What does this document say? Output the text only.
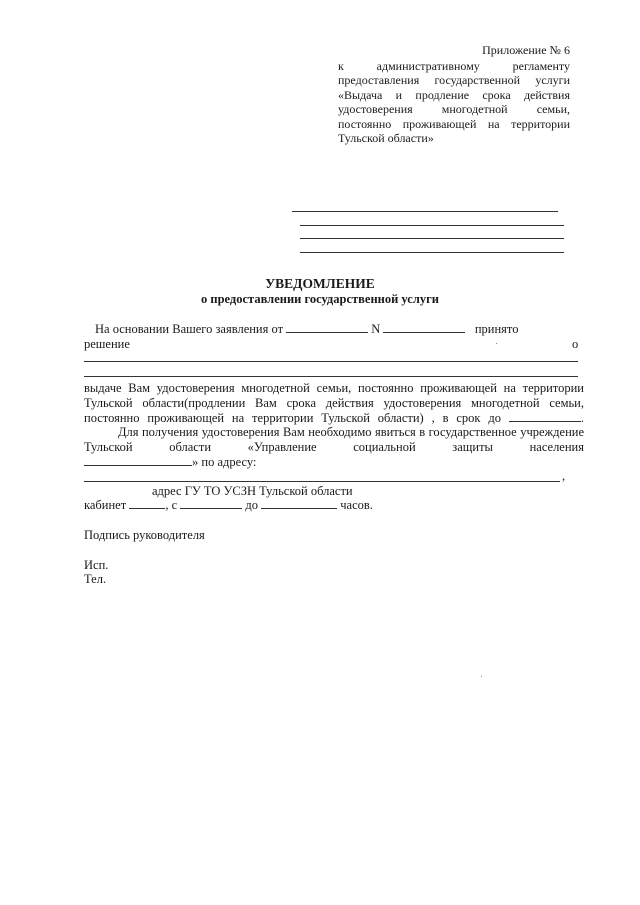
Приложение № 6
к административному регламенту предоставления государственной услуги «Выдача и продление срока действия удостоверения многодетной семьи, постоянно проживающей на территории Тульской области»
УВЕДОМЛЕНИЕ
о предоставлении государственной услуги
На основании Вашего заявления от	N	принято
решение	о
выдаче Вам удостоверения многодетной семьи, постоянно проживающей на территории Тульской области(продлении Вам срока действия удостоверения многодетной семьи, постоянно проживающей на территории Тульской области) , в срок до	.
Для получения удостоверения Вам необходимо явиться в государственное учреждение Тульской области «Управление социальной защиты населения
» по адресу:
,
адрес ГУ ТО УСЗН Тульской области
кабинет	, с	до	часов.
Подпись руководителя
Исп.
Тел.
